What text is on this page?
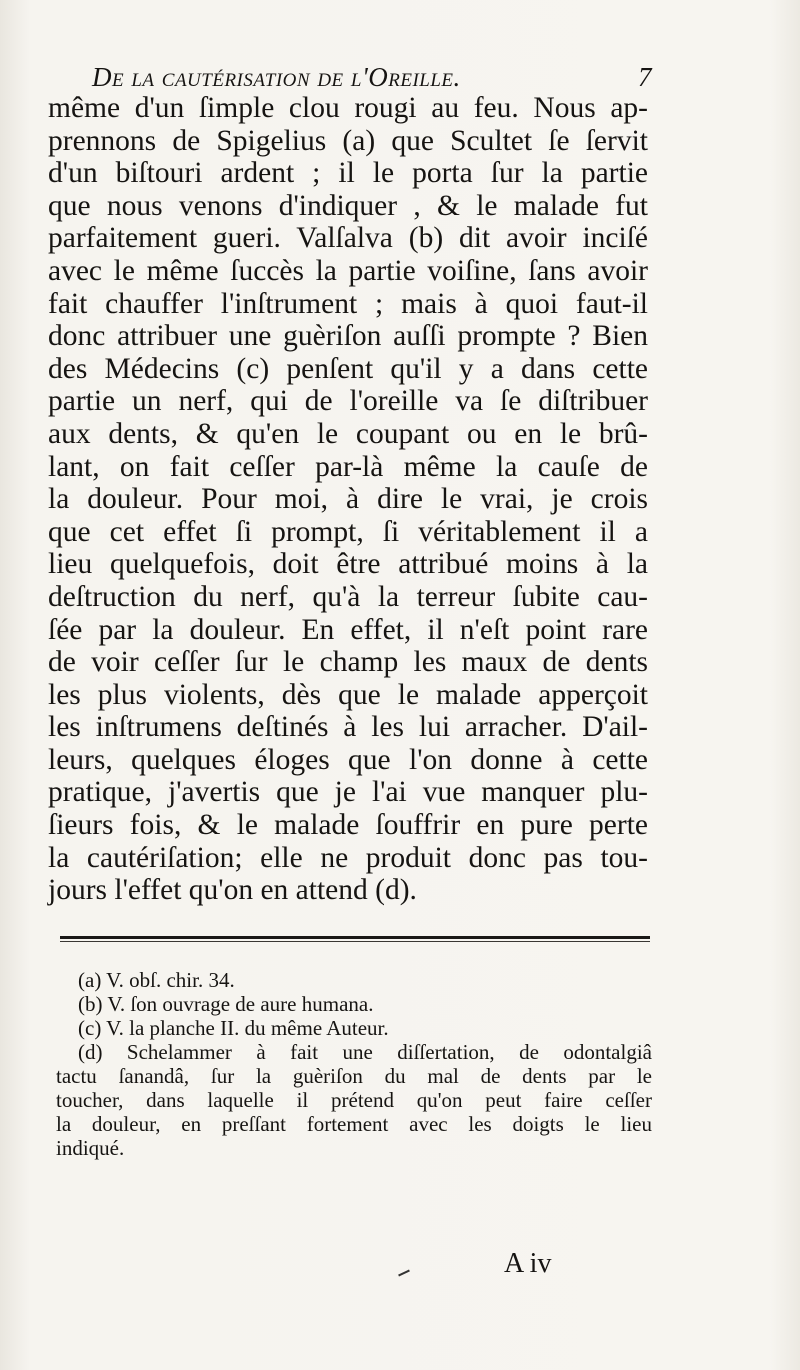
De la cautérisation de l'Oreille.	7
même d'un ſimple clou rougi au feu. Nous ap-
prennons de Spigelius (a) que Scultet ſe ſervit
d'un biſtouri ardent ; il le porta ſur la partie
que nous venons d'indiquer , & le malade fut
parfaitement gueri. Valſalva (b) dit avoir inciſé
avec le même ſuccès la partie voiſine, ſans avoir
fait chauffer l'inſtrument ; mais à quoi faut-il
donc attribuer une guèriſon auſſi prompte ? Bien
des Médecins (c) penſent qu'il y a dans cette
partie un nerf, qui de l'oreille va ſe diſtribuer
aux dents, & qu'en le coupant ou en le brû-
lant, on fait ceſſer par-là même la cauſe de
la douleur. Pour moi, à dire le vrai, je crois
que cet effet ſi prompt, ſi véritablement il a
lieu quelquefois, doit être attribué moins à la
deſtruction du nerf, qu'à la terreur ſubite cau-
ſée par la douleur. En effet, il n'eſt point rare
de voir ceſſer ſur le champ les maux de dents
les plus violents, dès que le malade apperçoit
les inſtrumens deſtinés à les lui arracher. D'ail-
leurs, quelques éloges que l'on donne à cette
pratique, j'avertis que je l'ai vue manquer plu-
ſieurs fois, & le malade ſouffrir en pure perte
la cautériſation; elle ne produit donc pas tou-
jours l'effet qu'on en attend (d).
(a) V. obſ. chir. 34.
(b) V. ſon ouvrage de aure humana.
(c) V. la planche II. du même Auteur.
(d) Schelammer à fait une diſſertation, de odontalgiâ
tactu ſanandâ, ſur la guèriſon du mal de dents par le
toucher, dans laquelle il prétend qu'on peut faire ceſſer
la douleur, en preſſant fortement avec les doigts le lieu
indiqué.
A iv
